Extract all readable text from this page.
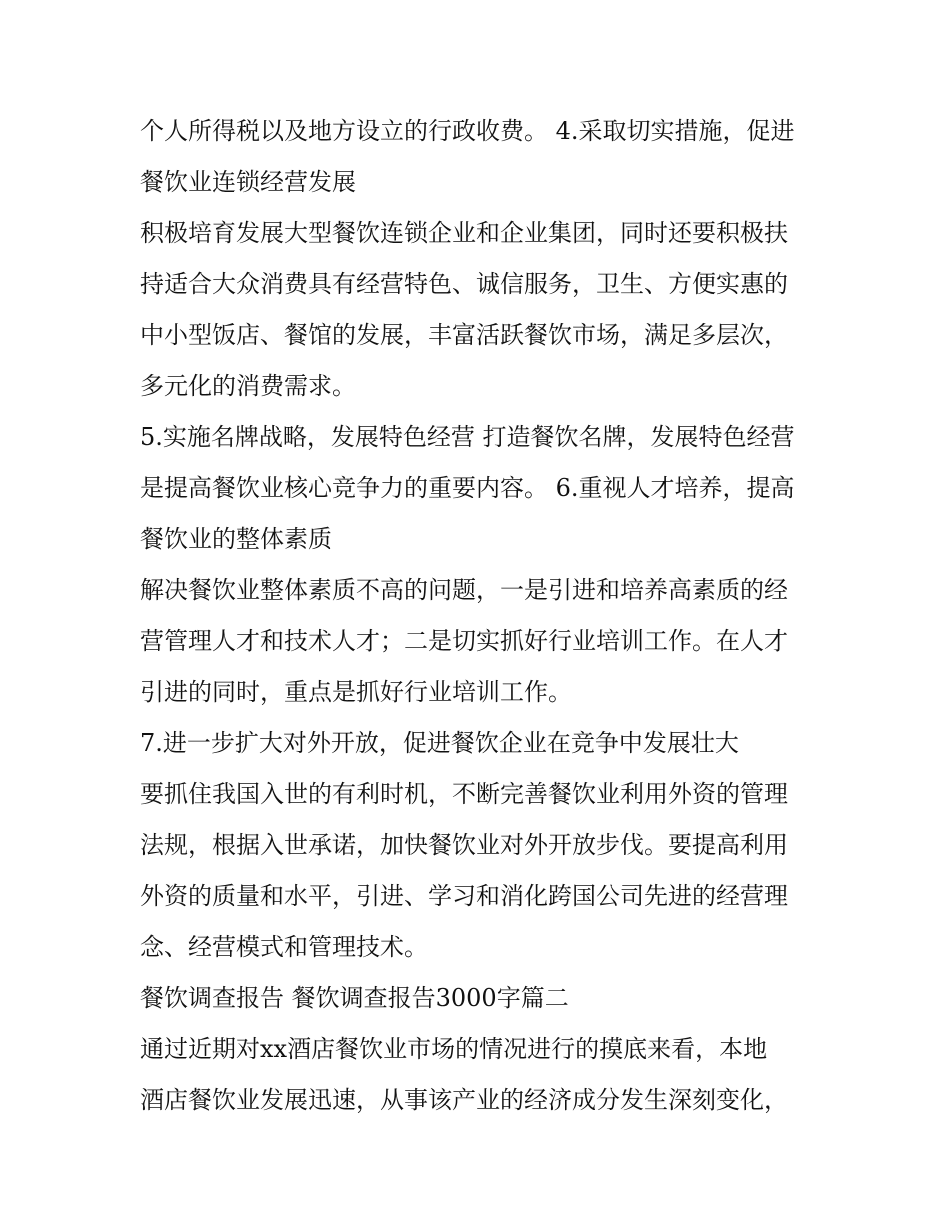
个人所得税以及地方设立的行政收费。 4.采取切实措施，促进
餐饮业连锁经营发展
积极培育发展大型餐饮连锁企业和企业集团，同时还要积极扶
持适合大众消费具有经营特色、诚信服务，卫生、方便实惠的
中小型饭店、餐馆的发展，丰富活跃餐饮市场，满足多层次，
多元化的消费需求。
5.实施名牌战略，发展特色经营 打造餐饮名牌，发展特色经营
是提高餐饮业核心竞争力的重要内容。 6.重视人才培养，提高
餐饮业的整体素质
解决餐饮业整体素质不高的问题，一是引进和培养高素质的经
营管理人才和技术人才；二是切实抓好行业培训工作。在人才
引进的同时，重点是抓好行业培训工作。
7.进一步扩大对外开放，促进餐饮企业在竞争中发展壮大
要抓住我国入世的有利时机，不断完善餐饮业利用外资的管理
法规，根据入世承诺，加快餐饮业对外开放步伐。要提高利用
外资的质量和水平，引进、学习和消化跨国公司先进的经营理
念、经营模式和管理技术。
餐饮调查报告 餐饮调查报告3000字篇二
通过近期对xx酒店餐饮业市场的情况进行的摸底来看，本地
酒店餐饮业发展迅速，从事该产业的经济成分发生深刻变化，
